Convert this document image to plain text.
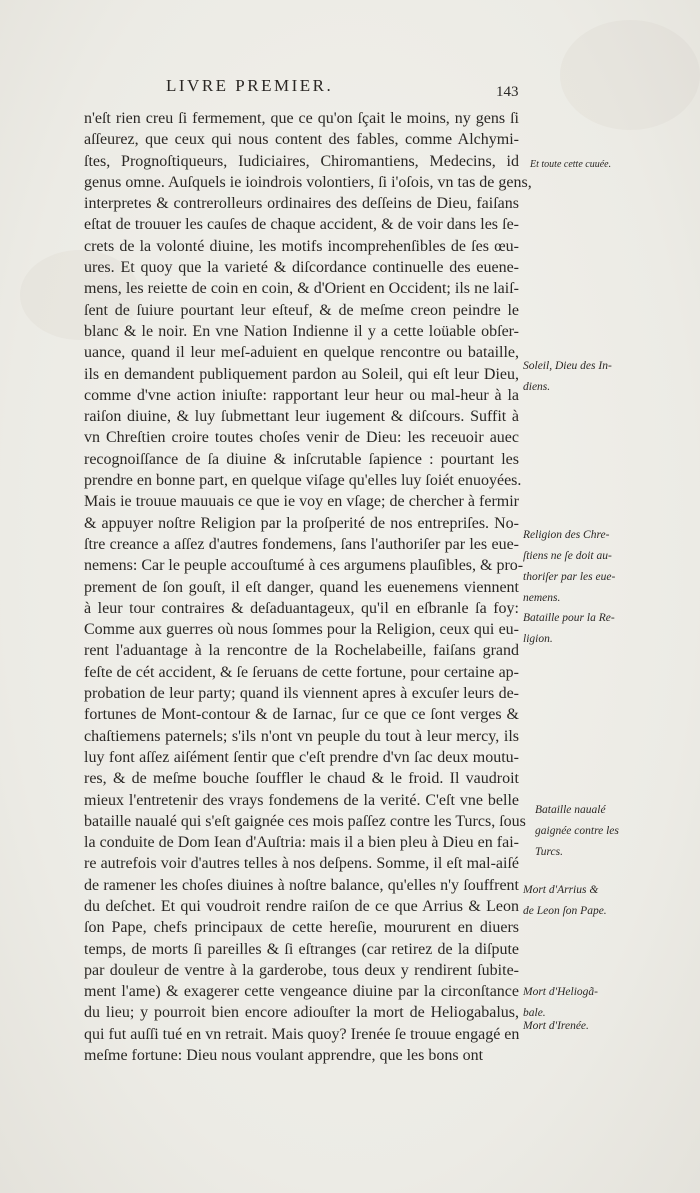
LIVRE PREMIER.	143
n'eſt rien creu ſi fermement, que ce qu'on ſçait le moins, ny gens ſi
aſſeurez, que ceux qui nous content des fables, comme Alchymi-
ſtes, Prognoſtiqueurs, Iudiciaires, Chiromantiens, Medecins, id
genus omne. Auſquels ie ioindrois volontiers, ſi i'oſois, vn tas de gens,
interpretes & contrerolleurs ordinaires des deſſeins de Dieu, faiſans
eſtat de trouuer les cauſes de chaque accident, & de voir dans les ſe-
crets de la volonté diuine, les motifs incomprehenſibles de ſes œu-
ures. Et quoy que la varieté & diſcordance continuelle des euene-
mens, les reiette de coin en coin, & d'Orient en Occident; ils ne laiſ-
ſent de ſuiure pourtant leur eſteuf, & de meſme creon peindre le
blanc & le noir. En vne Nation Indienne il y a cette loüable obſer-
uance, quand il leur meſ-aduient en quelque rencontre ou bataille,
ils en demandent publiquement pardon au Soleil, qui eſt leur Dieu,
comme d'vne action iniuſte: rapportant leur heur ou mal-heur à la
raiſon diuine, & luy ſubmettant leur iugement & diſcours. Suffit à
vn Chreſtien croire toutes choſes venir de Dieu: les receuoir auec
recognoiſſance de ſa diuine & inſcrutable ſapience : pourtant les
prendre en bonne part, en quelque viſage qu'elles luy ſoiét enuoyées.
Mais ie trouue mauuais ce que ie voy en vſage; de chercher à fermir
& appuyer noſtre Religion par la proſperité de nos entrepriſes. No-
ſtre creance a aſſez d'autres fondemens, ſans l'authoriſer par les eue-
nemens: Car le peuple accouſtumé à ces argumens plauſibles, & pro-
prement de ſon gouſt, il eſt danger, quand les euenemens viennent
à leur tour contraires & deſaduantageux, qu'il en eſbranle ſa foy:
Comme aux guerres où nous ſommes pour la Religion, ceux qui eu-
rent l'aduantage à la rencontre de la Rochelabeille, faiſans grand
feſte de cét accident, & ſe ſeruans de cette fortune, pour certaine ap-
probation de leur party; quand ils viennent apres à excuſer leurs de-
fortunes de Mont-contour & de Iarnac, ſur ce que ce ſont verges &
chaſtiemens paternels; s'ils n'ont vn peuple du tout à leur mercy, ils
luy font aſſez aiſément ſentir que c'eſt prendre d'vn ſac deux moutu-
res, & de meſme bouche ſouffler le chaud & le froid. Il vaudroit
mieux l'entretenir des vrays fondemens de la verité. C'eſt vne belle
bataille naualé qui s'eſt gaignée ces mois paſſez contre les Turcs, ſous
la conduite de Dom Iean d'Auſtria: mais il a bien pleu à Dieu en fai-
re autrefois voir d'autres telles à nos deſpens. Somme, il eſt mal-aiſé
de ramener les choſes diuines à noſtre balance, qu'elles n'y ſouffrent
du deſchet. Et qui voudroit rendre raiſon de ce que Arrius & Leon
ſon Pape, chefs principaux de cette hereſie, moururent en diuers
temps, de morts ſi pareilles & ſi eſtranges (car retirez de la diſpute
par douleur de ventre à la garderobe, tous deux y rendirent ſubite-
ment l'ame) & exagerer cette vengeance diuine par la circonſtance
du lieu; y pourroit bien encore adiouſter la mort de Heliogabalus,
qui fut auſſi tué en vn retrait. Mais quoy? Irenée ſe trouue engagé en
meſme fortune: Dieu nous voulant apprendre, que les bons ont
Et toute cette cuuée.
Soleil, Dieu des In-
diens.
Religion des Chre-
ſtiens ne ſe doit au-
thoriſer par les eue-
nemens.
Bataille pour la Re-
ligion.
Bataille naualé
gaignée contre les
Turcs.
Mort d'Arrius &
de Leon ſon Pape.
Mort d'Heliogã-
bale.
Mort d'Irenée.
